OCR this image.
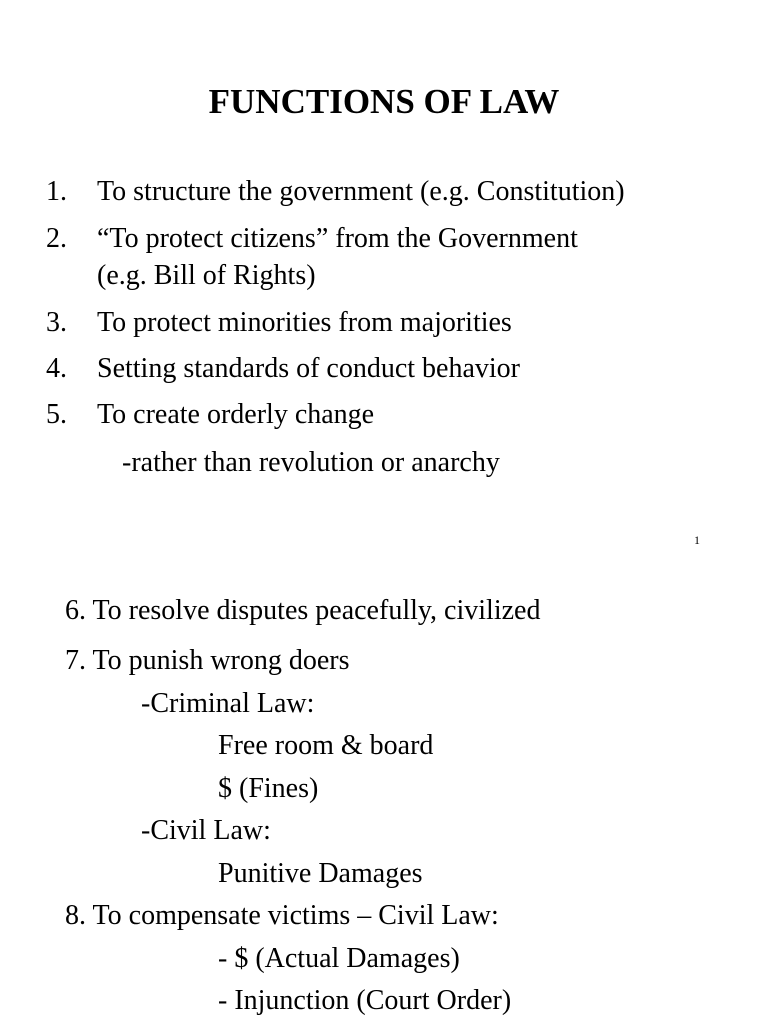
FUNCTIONS OF LAW
1. To structure the government (e.g. Constitution)
2. “To protect citizens” from the Government
(e.g. Bill of Rights)
3. To protect minorities from majorities
4. Setting standards of conduct behavior
5. To create orderly change
-rather than revolution or anarchy
1
6. To resolve disputes peacefully, civilized
7. To punish wrong doers
-Criminal Law:
Free room & board
$ (Fines)
-Civil Law:
Punitive Damages
8. To compensate victims – Civil Law:
- $ (Actual Damages)
- Injunction (Court Order)
